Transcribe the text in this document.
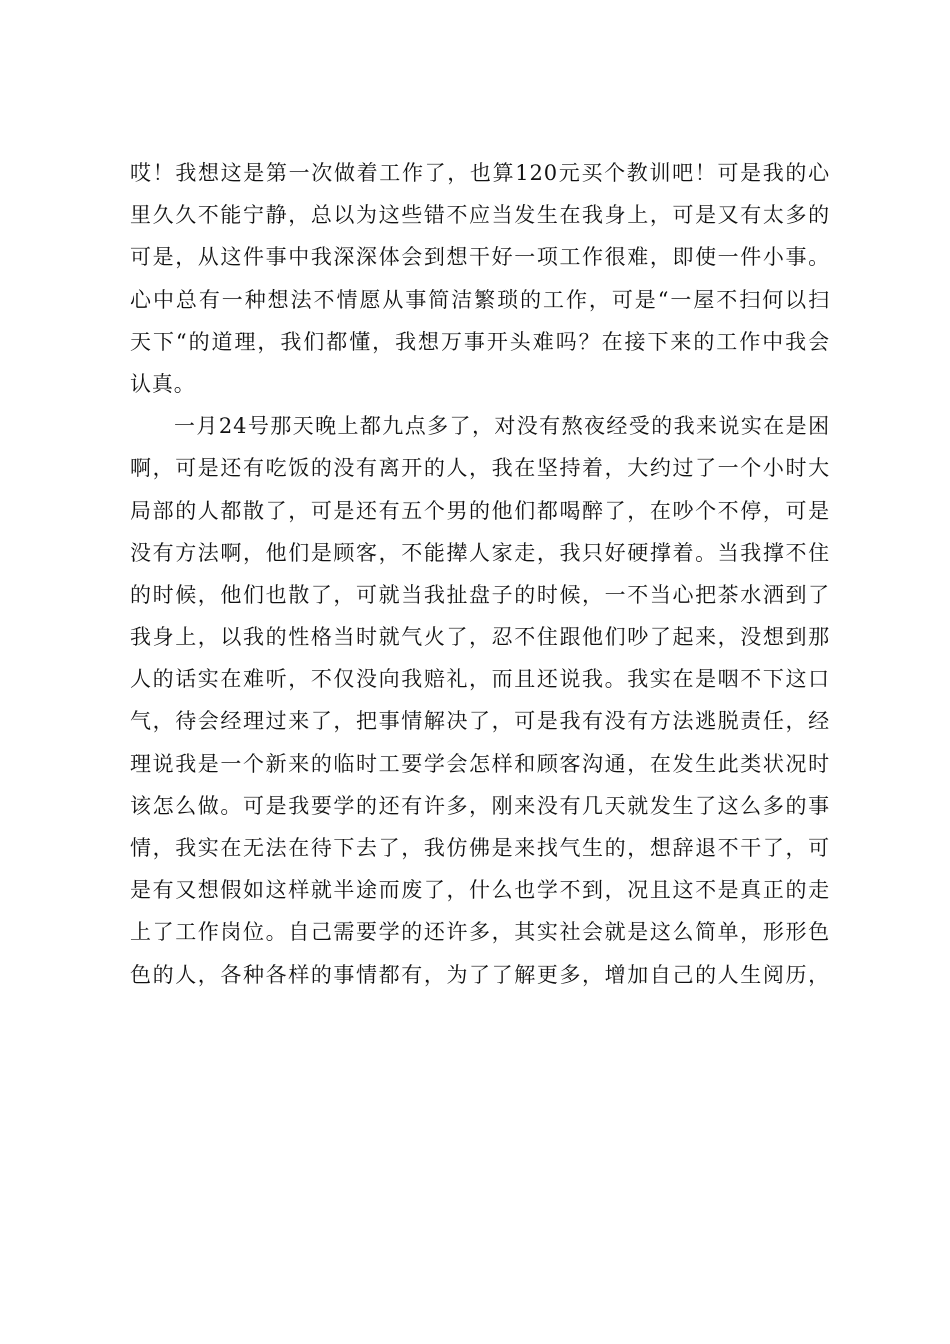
哎！我想这是第一次做着工作了，也算120元买个教训吧！可是我的心
里久久不能宁静，总以为这些错不应当发生在我身上，可是又有太多的
可是，从这件事中我深深体会到想干好一项工作很难，即使一件小事。
心中总有一种想法不情愿从事简洁繁琐的工作，可是“一屋不扫何以扫
天下“的道理，我们都懂，我想万事开头难吗？在接下来的工作中我会
认真。
一月24号那天晚上都九点多了，对没有熬夜经受的我来说实在是困
啊，可是还有吃饭的没有离开的人，我在坚持着，大约过了一个小时大
局部的人都散了，可是还有五个男的他们都喝醉了，在吵个不停，可是
没有方法啊，他们是顾客，不能撵人家走，我只好硬撑着。当我撑不住
的时候，他们也散了，可就当我扯盘子的时候，一不当心把茶水洒到了
我身上，以我的性格当时就气火了，忍不住跟他们吵了起来，没想到那
人的话实在难听，不仅没向我赔礼，而且还说我。我实在是咽不下这口
气，待会经理过来了，把事情解决了，可是我有没有方法逃脱责任，经
理说我是一个新来的临时工要学会怎样和顾客沟通，在发生此类状况时
该怎么做。可是我要学的还有许多，刚来没有几天就发生了这么多的事
情，我实在无法在待下去了，我仿佛是来找气生的，想辞退不干了，可
是有又想假如这样就半途而废了，什么也学不到，况且这不是真正的走
上了工作岗位。自己需要学的还许多，其实社会就是这么简单，形形色
色的人，各种各样的事情都有，为了了解更多，增加自己的人生阅历，
